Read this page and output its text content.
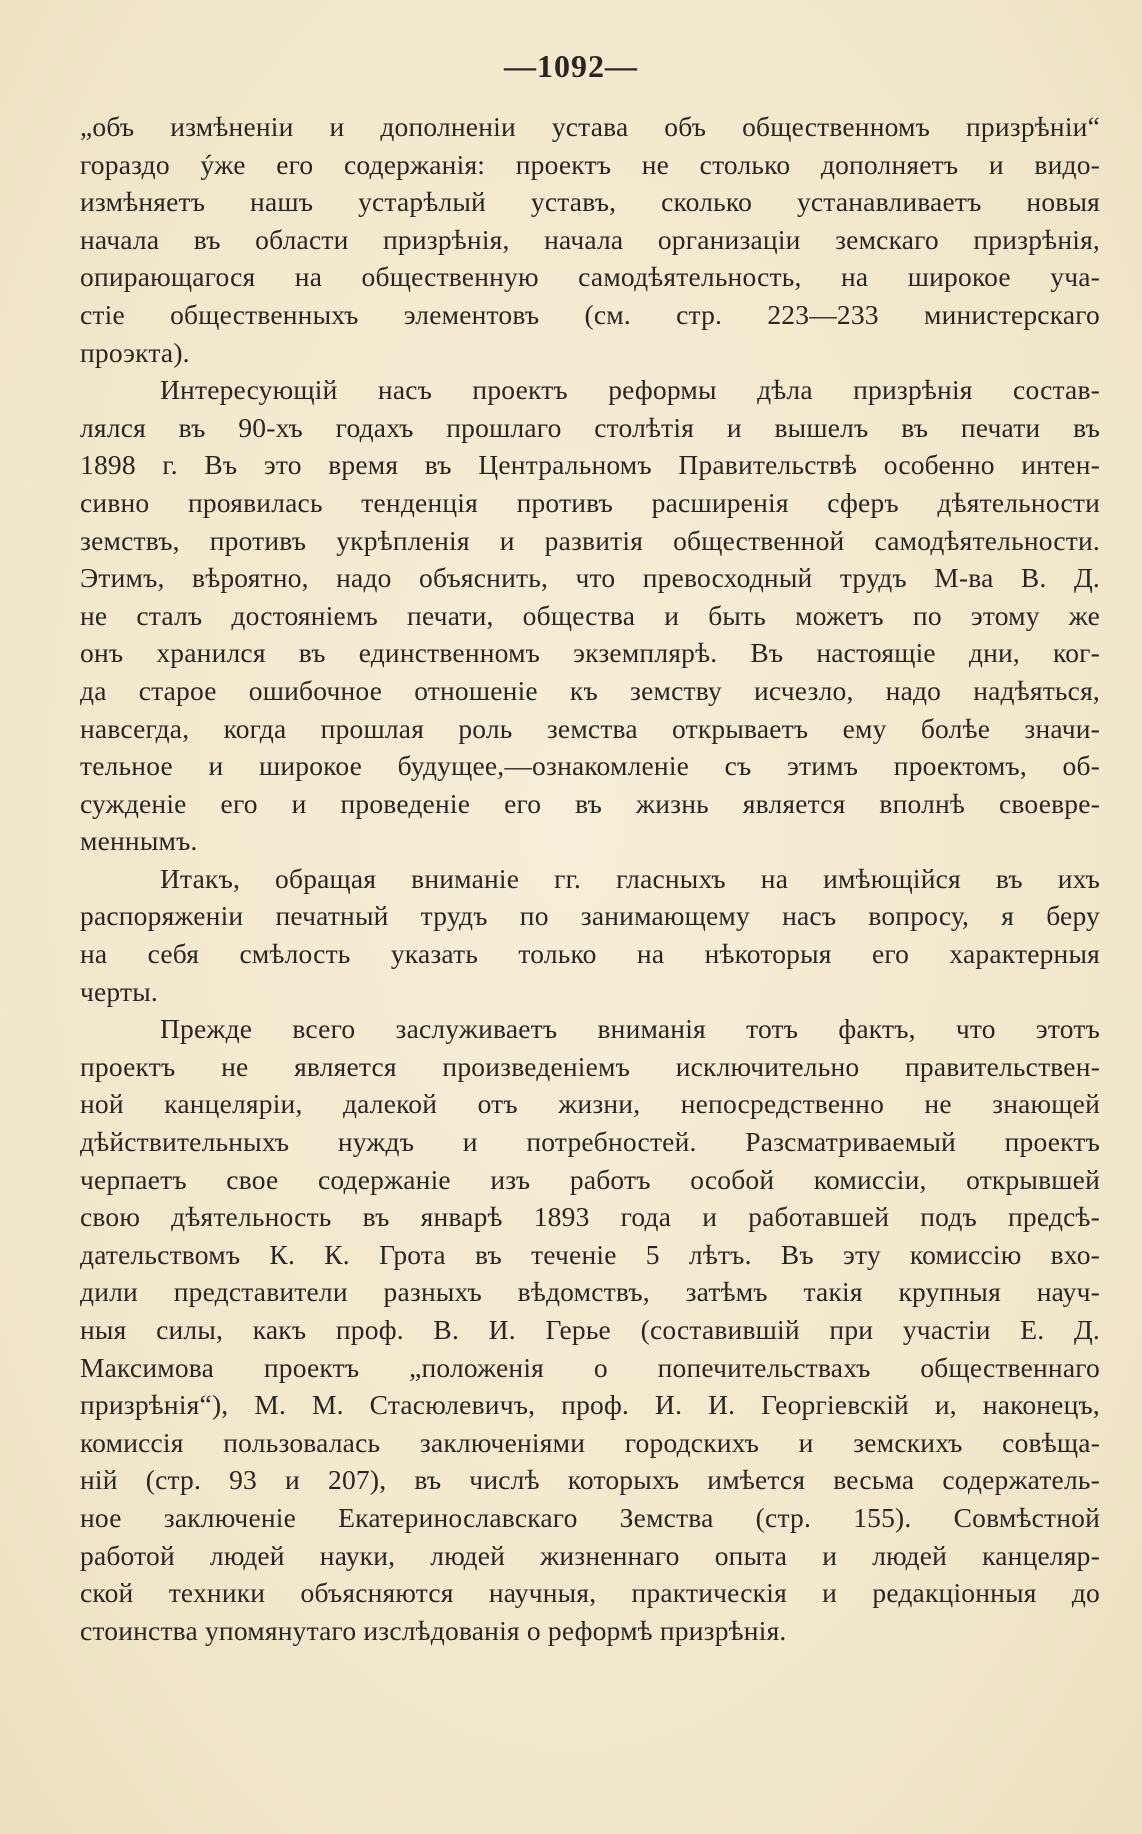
—1092—
„объ измѣненіи и дополненіи устава объ общественномъ призрѣніи“
гораздо ýже его содержанія: проектъ не столько дополняетъ и видо-
измѣняетъ нашъ устарѣлый уставъ, сколько устанавливаетъ новыя
начала въ области призрѣнія, начала организаціи земскаго призрѣнія,
опирающагося на общественную самодѣятельность, на широкое уча-
стіе общественныхъ элементовъ (см. стр. 223—233 министерскаго
проэкта).
Интересующій насъ проектъ реформы дѣла призрѣнія состав-
лялся въ 90-хъ годахъ прошлаго столѣтія и вышелъ въ печати въ
1898 г. Въ это время въ Центральномъ Правительствѣ особенно интен-
сивно проявилась тенденція противъ расширенія сферъ дѣятельности
земствъ, противъ укрѣпленія и развитія общественной самодѣятельности.
Этимъ, вѣроятно, надо объяснить, что превосходный трудъ М-ва В. Д.
не сталъ достояніемъ печати, общества и быть можетъ по этому же
онъ хранился въ единственномъ экземплярѣ. Въ настоящіе дни, ког-
да старое ошибочное отношеніе къ земству исчезло, надо надѣяться,
навсегда, когда прошлая роль земства открываетъ ему болѣе значи-
тельное и широкое будущее,—ознакомленіе съ этимъ проектомъ, об-
сужденіе его и проведеніе его въ жизнь является вполнѣ своевре-
меннымъ.
Итакъ, обращая вниманіе гг. гласныхъ на имѣющійся въ ихъ
распоряженіи печатный трудъ по занимающему насъ вопросу, я беру
на себя смѣлость указать только на нѣкоторыя его характерныя
черты.
Прежде всего заслуживаетъ вниманія тотъ фактъ, что этотъ
проектъ не является произведеніемъ исключительно правительствен-
ной канцеляріи, далекой отъ жизни, непосредственно не знающей
дѣйствительныхъ нуждъ и потребностей. Разсматриваемый проектъ
черпаетъ свое содержаніе изъ работъ особой комиссіи, открывшей
свою дѣятельность въ январѣ 1893 года и работавшей подъ предсѣ-
дательствомъ К. К. Грота въ теченіе 5 лѣтъ. Въ эту комиссію вхо-
дили представители разныхъ вѣдомствъ, затѣмъ такія крупныя науч-
ныя силы, какъ проф. В. И. Герье (составившій при участіи Е. Д.
Максимова проектъ „положенія о попечительствахъ общественнаго
призрѣнія“), М. М. Стасюлевичъ, проф. И. И. Георгіевскій и, наконецъ,
комиссія пользовалась заключеніями городскихъ и земскихъ совѣща-
ній (стр. 93 и 207), въ числѣ которыхъ имѣется весьма содержатель-
ное заключеніе Екатеринославскаго Земства (стр. 155). Совмѣстной
работой людей науки, людей жизненнаго опыта и людей канцеляр-
ской техники объясняются научныя, практическія и редакціонныя до
стоинства упомянутаго изслѣдованія о реформѣ призрѣнія.
